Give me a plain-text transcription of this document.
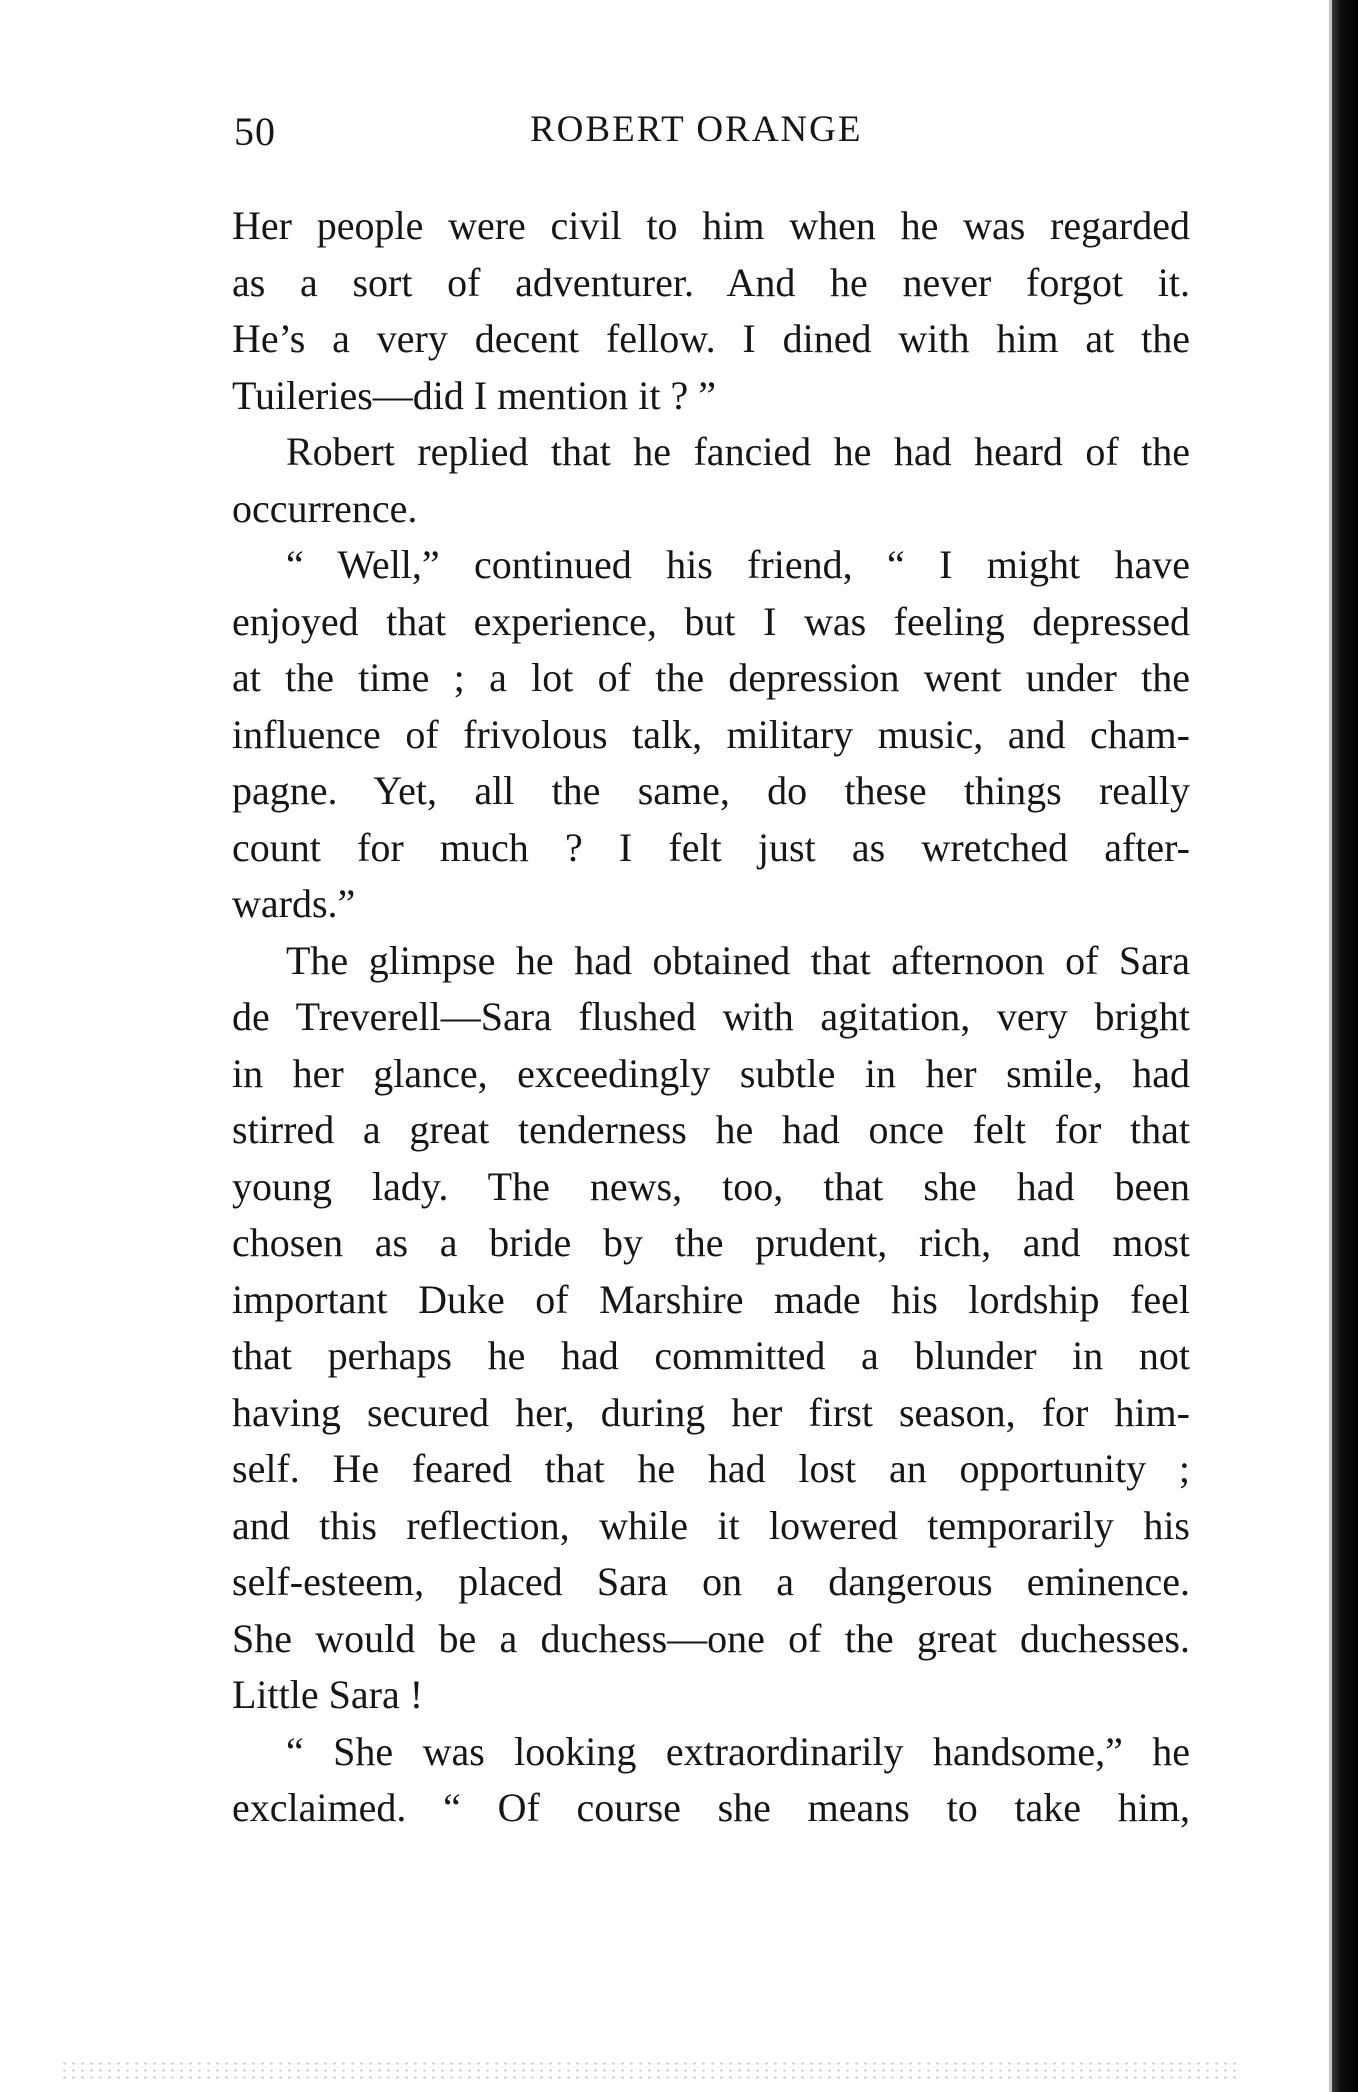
50	ROBERT ORANGE
Her people were civil to him when he was regarded
as a sort of adventurer. And he never forgot it.
He’s a very decent fellow. I dined with him at the
Tuileries—did I mention it ? ”
Robert replied that he fancied he had heard of the
occurrence.
“ Well,” continued his friend, “ I might have
enjoyed that experience, but I was feeling depressed
at the time ; a lot of the depression went under the
influence of frivolous talk, military music, and cham-
pagne. Yet, all the same, do these things really
count for much ? I felt just as wretched after-
wards.”
The glimpse he had obtained that afternoon of Sara
de Treverell—Sara flushed with agitation, very bright
in her glance, exceedingly subtle in her smile, had
stirred a great tenderness he had once felt for that
young lady. The news, too, that she had been
chosen as a bride by the prudent, rich, and most
important Duke of Marshire made his lordship feel
that perhaps he had committed a blunder in not
having secured her, during her first season, for him-
self. He feared that he had lost an opportunity ;
and this reflection, while it lowered temporarily his
self-esteem, placed Sara on a dangerous eminence.
She would be a duchess—one of the great duchesses.
Little Sara !
“ She was looking extraordinarily handsome,” he
exclaimed. “ Of course she means to take him,
